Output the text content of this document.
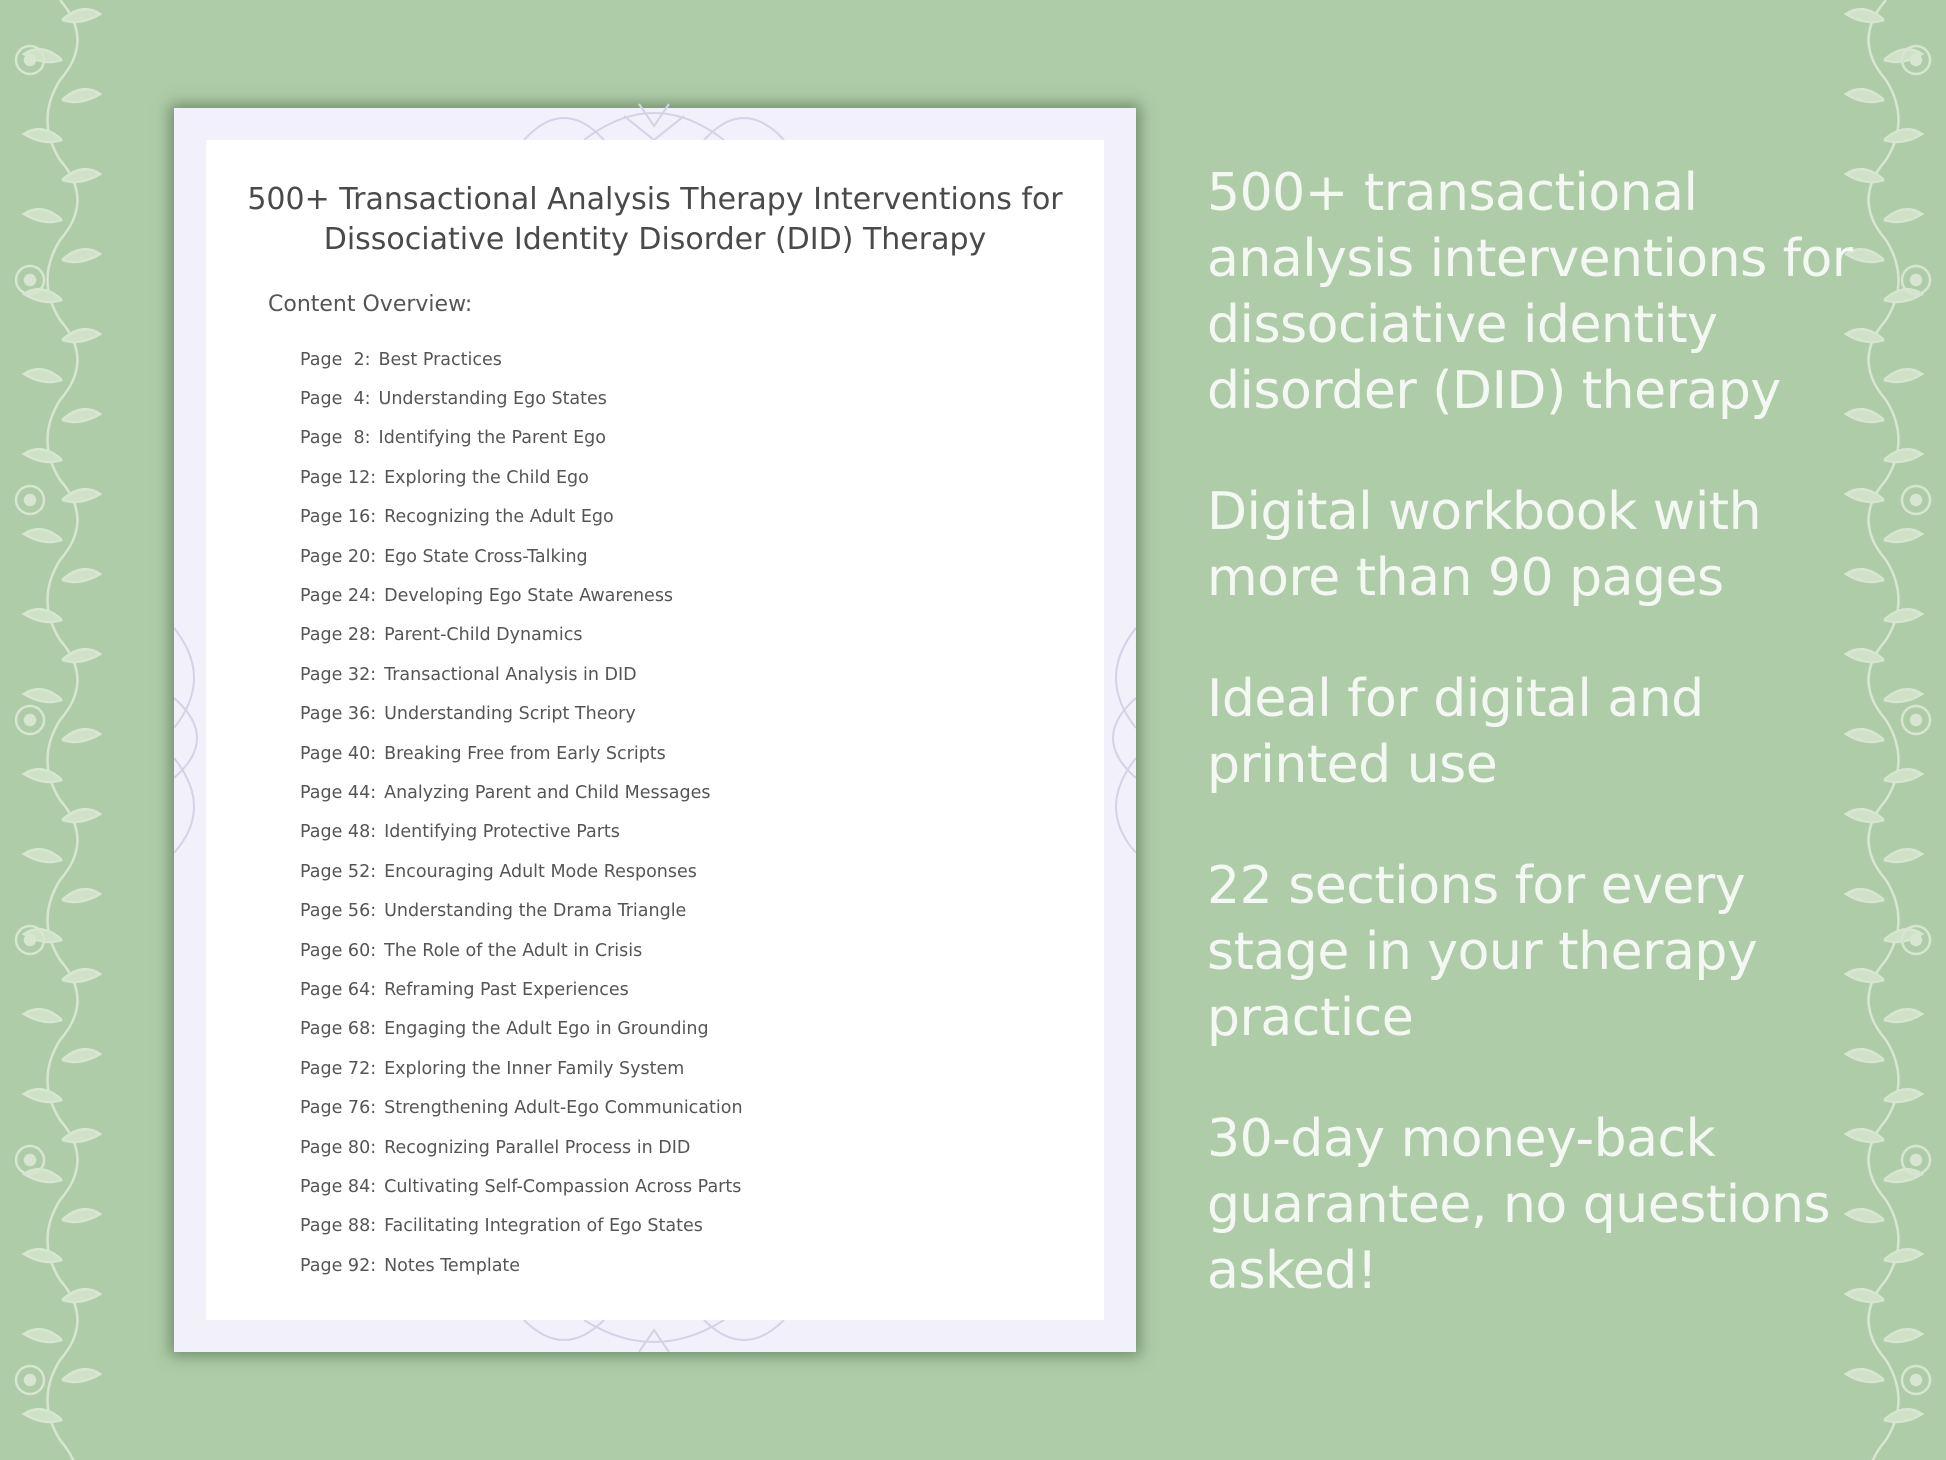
500+ Transactional Analysis Therapy Interventions for
Dissociative Identity Disorder (DID) Therapy

Content Overview:

Page  2: Best Practices
Page  4: Understanding Ego States
Page  8: Identifying the Parent Ego
Page 12: Exploring the Child Ego
Page 16: Recognizing the Adult Ego
Page 20: Ego State Cross-Talking
Page 24: Developing Ego State Awareness
Page 28: Parent-Child Dynamics
Page 32: Transactional Analysis in DID
Page 36: Understanding Script Theory
Page 40: Breaking Free from Early Scripts
Page 44: Analyzing Parent and Child Messages
Page 48: Identifying Protective Parts
Page 52: Encouraging Adult Mode Responses
Page 56: Understanding the Drama Triangle
Page 60: The Role of the Adult in Crisis
Page 64: Reframing Past Experiences
Page 68: Engaging the Adult Ego in Grounding
Page 72: Exploring the Inner Family System
Page 76: Strengthening Adult-Ego Communication
Page 80: Recognizing Parallel Process in DID
Page 84: Cultivating Self-Compassion Across Parts
Page 88: Facilitating Integration of Ego States
Page 92: Notes Template
500+ transactional analysis interventions for dissociative identity disorder (DID) therapy
Digital workbook with more than 90 pages
Ideal for digital and printed use
22 sections for every stage in your therapy practice
30-day money-back guarantee, no questions asked!
